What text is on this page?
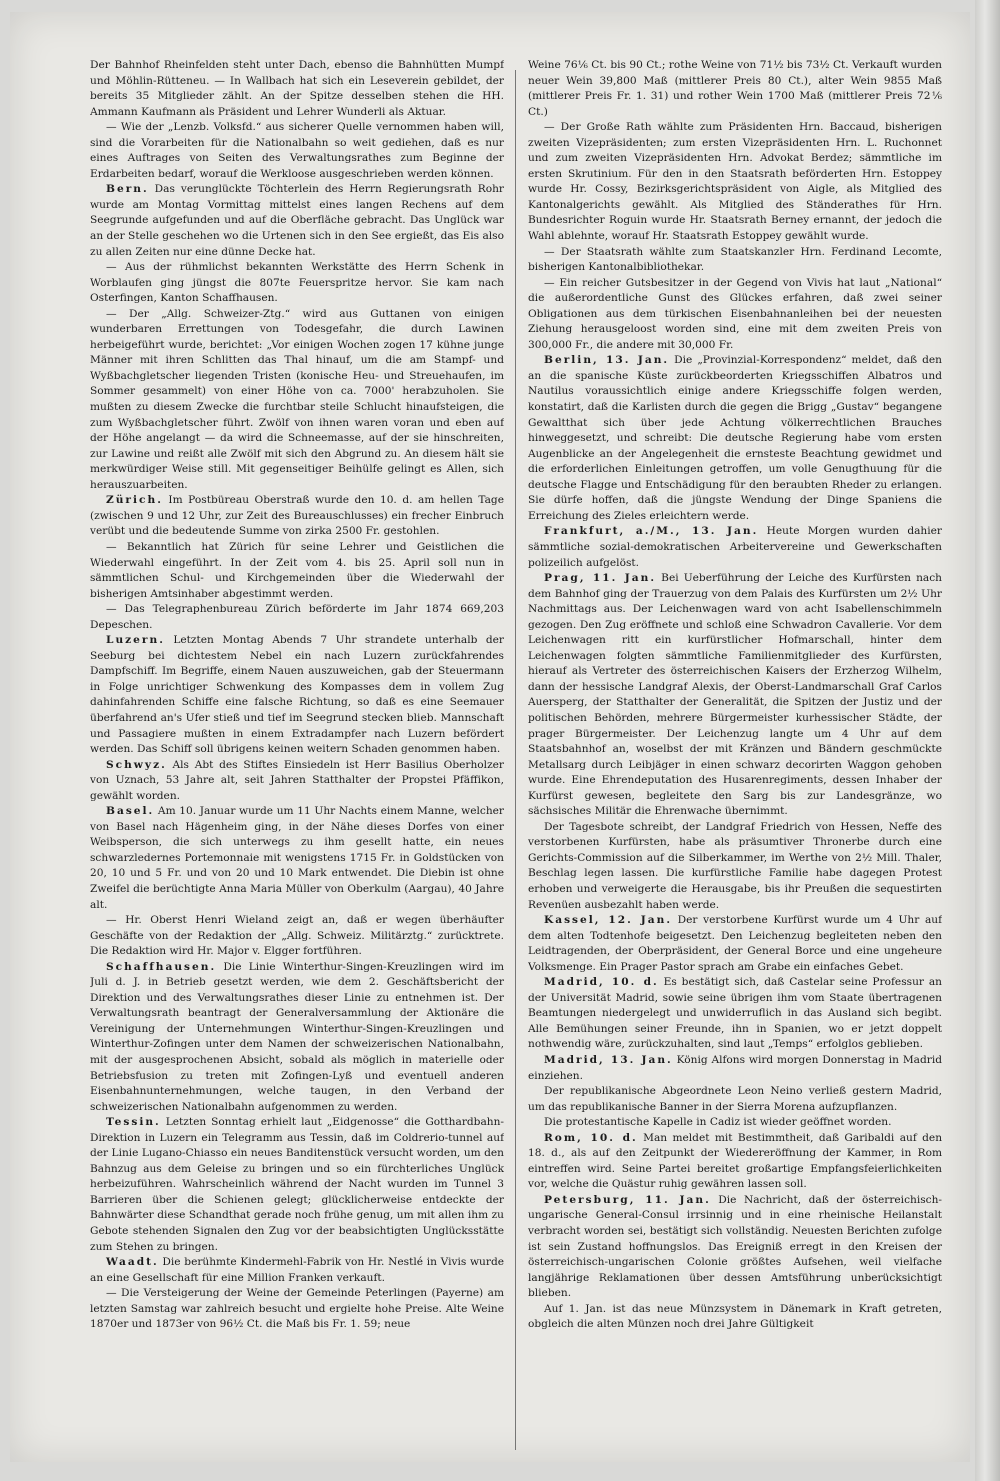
Der Bahnhof Rheinfelden steht unter Dach, ebenso die Bahnhütten Mumpf und Möhlin-Rütteneu. — In Wallbach hat sich ein Leseverein gebildet, der bereits 35 Mitglieder zählt. An der Spitze desselben stehen die HH. Ammann Kaufmann als Präsident und Lehrer Wunderli als Aktuar.

— Wie der „Lenzb. Volksfd.“ aus sicherer Quelle vernommen haben will, sind die Vorarbeiten für die Nationalbahn so weit gediehen, daß es nur eines Auftrages von Seiten des Verwaltungsrathes zum Beginne der Erdarbeiten bedarf, worauf die Werkloose ausgeschrieben werden können.

Bern. Das verunglückte Töchterlein des Herrn Regierungsrath Rohr wurde am Montag Vormittag mittelst eines langen Rechens auf dem Seegrunde aufgefunden und auf die Oberfläche gebracht. Das Unglück war an der Stelle geschehen wo die Urtenen sich in den See ergießt, das Eis also zu allen Zeiten nur eine dünne Decke hat.

— Aus der rühmlichst bekannten Werkstätte des Herrn Schenk in Worblaufen ging jüngst die 807te Feuerspritze hervor. Sie kam nach Osterfingen, Kanton Schaffhausen.

— Der „Allg. Schweizer-Ztg.“ wird aus Guttanen von einigen wunderbaren Errettungen von Todesgefahr, die durch Lawinen herbeigeführt wurde, berichtet: „Vor einigen Wochen zogen 17 kühne junge Männer mit ihren Schlitten das Thal hinauf, um die am Stampf- und Wyßbachgletscher liegenden Tristen (konische Heu- und Streuehaufen, im Sommer gesammelt) von einer Höhe von ca. 7000' herabzuholen. Sie mußten zu diesem Zwecke die furchtbar steile Schlucht hinaufsteigen, die zum Wyßbachgletscher führt. Zwölf von ihnen waren voran und eben auf der Höhe angelangt — da wird die Schneemasse, auf der sie hinschreiten, zur Lawine und reißt alle Zwölf mit sich den Abgrund zu. An diesem hält sie merkwürdiger Weise still. Mit gegenseitiger Beihülfe gelingt es Allen, sich herauszuarbeiten.

Zürich. Im Postbüreau Oberstraß wurde den 10. d. am hellen Tage (zwischen 9 und 12 Uhr, zur Zeit des Bureauschlusses) ein frecher Einbruch verübt und die bedeutende Summe von zirka 2500 Fr. gestohlen.

— Bekanntlich hat Zürich für seine Lehrer und Geistlichen die Wiederwahl eingeführt. In der Zeit vom 4. bis 25. April soll nun in sämmtlichen Schul- und Kirchgemeinden über die Wiederwahl der bisherigen Amtsinhaber abgestimmt werden.

— Das Telegraphenbureau Zürich beförderte im Jahr 1874 669,203 Depeschen.

Luzern. Letzten Montag Abends 7 Uhr strandete unterhalb der Seeburg bei dichtestem Nebel ein nach Luzern zurückfahrendes Dampfschiff. Im Begriffe, einem Nauen auszuweichen, gab der Steuermann in Folge unrichtiger Schwenkung des Kompasses dem in vollem Zug dahinfahrenden Schiffe eine falsche Richtung, so daß es eine Seemauer überfahrend an's Ufer stieß und tief im Seegrund stecken blieb. Mannschaft und Passagiere mußten in einem Extradampfer nach Luzern befördert werden. Das Schiff soll übrigens keinen weitern Schaden genommen haben.

Schwyz. Als Abt des Stiftes Einsiedeln ist Herr Basilius Oberholzer von Uznach, 53 Jahre alt, seit Jahren Statthalter der Propstei Pfäffikon, gewählt worden.

Basel. Am 10. Januar wurde um 11 Uhr Nachts einem Manne, welcher von Basel nach Hägenheim ging, in der Nähe dieses Dorfes von einer Weibsperson, die sich unterwegs zu ihm gesellt hatte, ein neues schwarzledernes Portemonnaie mit wenigstens 1715 Fr. in Goldstücken von 20, 10 und 5 Fr. und von 20 und 10 Mark entwendet. Die Diebin ist ohne Zweifel die berüchtigte Anna Maria Müller von Oberkulm (Aargau), 40 Jahre alt.

— Hr. Oberst Henri Wieland zeigt an, daß er wegen überhäufter Geschäfte von der Redaktion der „Allg. Schweiz. Militärztg.“ zurücktrete. Die Redaktion wird Hr. Major v. Elgger fortführen.

Schaffhausen. Die Linie Winterthur-Singen-Kreuzlingen wird im Juli d. J. in Betrieb gesetzt werden, wie dem 2. Geschäftsbericht der Direktion und des Verwaltungsrathes dieser Linie zu entnehmen ist. Der Verwaltungsrath beantragt der Generalversammlung der Aktionäre die Vereinigung der Unternehmungen Winterthur-Singen-Kreuzlingen und Winterthur-Zofingen unter dem Namen der schweizerischen Nationalbahn, mit der ausgesprochenen Absicht, sobald als möglich in materielle oder Betriebsfusion zu treten mit Zofingen-Lyß und eventuell anderen Eisenbahnunternehmungen, welche taugen, in den Verband der schweizerischen Nationalbahn aufgenommen zu werden.

Tessin. Letzten Sonntag erhielt laut „Eidgenosse“ die Gotthardbahn-Direktion in Luzern ein Telegramm aus Tessin, daß im Coldrerio-tunnel auf der Linie Lugano-Chiasso ein neues Banditenstück versucht worden, um den Bahnzug aus dem Geleise zu bringen und so ein fürchterliches Unglück herbeizuführen. Wahrscheinlich während der Nacht wurden im Tunnel 3 Barrieren über die Schienen gelegt; glücklicherweise entdeckte der Bahnwärter diese Schandthat gerade noch frühe genug, um mit allen ihm zu Gebote stehenden Signalen den Zug vor der beabsichtigten Unglücksstätte zum Stehen zu bringen.

Waadt. Die berühmte Kindermehl-Fabrik von Hr. Nestlé in Vivis wurde an eine Gesellschaft für eine Million Franken verkauft.

— Die Versteigerung der Weine der Gemeinde Peterlingen (Payerne) am letzten Samstag war zahlreich besucht und ergielte hohe Preise. Alte Weine 1870er und 1873er von 96½ Ct. die Maß bis Fr. 1. 59; neue

Weine 76⅙ Ct. bis 90 Ct.; rothe Weine von 71½ bis 73½ Ct. Verkauft wurden neuer Wein 39,800 Maß (mittlerer Preis 80 Ct.), alter Wein 9855 Maß (mittlerer Preis Fr. 1. 31) und rother Wein 1700 Maß (mittlerer Preis 72⅙ Ct.)

— Der Große Rath wählte zum Präsidenten Hrn. Baccaud, bisherigen zweiten Vizepräsidenten; zum ersten Vizepräsidenten Hrn. L. Ruchonnet und zum zweiten Vizepräsidenten Hrn. Advokat Berdez; sämmtliche im ersten Skrutinium. Für den in den Staatsrath beförderten Hrn. Estoppey wurde Hr. Cossy, Bezirksgerichtspräsident von Aigle, als Mitglied des Kantonalgerichts gewählt. Als Mitglied des Ständerathes für Hrn. Bundesrichter Roguin wurde Hr. Staatsrath Berney ernannt, der jedoch die Wahl ablehnte, worauf Hr. Staatsrath Estoppey gewählt wurde.

— Der Staatsrath wählte zum Staatskanzler Hrn. Ferdinand Lecomte, bisherigen Kantonalbibliothekar.

— Ein reicher Gutsbesitzer in der Gegend von Vivis hat laut „National“ die außerordentliche Gunst des Glückes erfahren, daß zwei seiner Obligationen aus dem türkischen Eisenbahnanleihen bei der neuesten Ziehung herausgeloost worden sind, eine mit dem zweiten Preis von 300,000 Fr., die andere mit 30,000 Fr.

Berlin, 13. Jan. Die „Provinzial-Korrespondenz“ meldet, daß den an die spanische Küste zurückbeorderten Kriegsschiffen Albatros und Nautilus voraussichtlich einige andere Kriegsschiffe folgen werden, konstatirt, daß die Karlisten durch die gegen die Brigg „Gustav“ begangene Gewaltthat sich über jede Achtung völkerrechtlichen Brauches hinweggesetzt, und schreibt: Die deutsche Regierung habe vom ersten Augenblicke an der Angelegenheit die ernsteste Beachtung gewidmet und die erforderlichen Einleitungen getroffen, um volle Genugthuung für die deutsche Flagge und Entschädigung für den beraubten Rheder zu erlangen. Sie dürfe hoffen, daß die jüngste Wendung der Dinge Spaniens die Erreichung des Zieles erleichtern werde.

Frankfurt, a./M., 13. Jan. Heute Morgen wurden dahier sämmtliche sozial-demokratischen Arbeitervereine und Gewerkschaften polizeilich aufgelöst.

Prag, 11. Jan. Bei Ueberführung der Leiche des Kurfürsten nach dem Bahnhof ging der Trauerzug von dem Palais des Kurfürsten um 2½ Uhr Nachmittags aus. Der Leichenwagen ward von acht Isabellenschimmeln gezogen. Den Zug eröffnete und schloß eine Schwadron Cavallerie. Vor dem Leichenwagen ritt ein kurfürstlicher Hofmarschall, hinter dem Leichenwagen folgten sämmtliche Familienmitglieder des Kurfürsten, hierauf als Vertreter des österreichischen Kaisers der Erzherzog Wilhelm, dann der hessische Landgraf Alexis, der Oberst-Landmarschall Graf Carlos Auersperg, der Statthalter der Generalität, die Spitzen der Justiz und der politischen Behörden, mehrere Bürgermeister kurhessischer Städte, der prager Bürgermeister. Der Leichenzug langte um 4 Uhr auf dem Staatsbahnhof an, woselbst der mit Kränzen und Bändern geschmückte Metallsarg durch Leibjäger in einen schwarz decorirten Waggon gehoben wurde. Eine Ehrendeputation des Husarenregiments, dessen Inhaber der Kurfürst gewesen, begleitete den Sarg bis zur Landesgränze, wo sächsisches Militär die Ehrenwache übernimmt.

Der Tagesbote schreibt, der Landgraf Friedrich von Hessen, Neffe des verstorbenen Kurfürsten, habe als präsumtiver Thronerbe durch eine Gerichts-Commission auf die Silberkammer, im Werthe von 2½ Mill. Thaler, Beschlag legen lassen. Die kurfürstliche Familie habe dagegen Protest erhoben und verweigerte die Herausgabe, bis ihr Preußen die sequestirten Revenüen ausbezahlt haben werde.

Kassel, 12. Jan. Der verstorbene Kurfürst wurde um 4 Uhr auf dem alten Todtenhofe beigesetzt. Den Leichenzug begleiteten neben den Leidtragenden, der Oberpräsident, der General Borce und eine ungeheure Volksmenge. Ein Prager Pastor sprach am Grabe ein einfaches Gebet.

Madrid, 10. d. Es bestätigt sich, daß Castelar seine Professur an der Universität Madrid, sowie seine übrigen ihm vom Staate übertragenen Beamtungen niedergelegt und unwiderruflich in das Ausland sich begibt. Alle Bemühungen seiner Freunde, ihn in Spanien, wo er jetzt doppelt nothwendig wäre, zurückzuhalten, sind laut „Temps“ erfolglos geblieben.

Madrid, 13. Jan. König Alfons wird morgen Donnerstag in Madrid einziehen.

Der republikanische Abgeordnete Leon Neino verließ gestern Madrid, um das republikanische Banner in der Sierra Morena aufzupflanzen.

Die protestantische Kapelle in Cadiz ist wieder geöffnet worden.

Rom, 10. d. Man meldet mit Bestimmtheit, daß Garibaldi auf den 18. d., als auf den Zeitpunkt der Wiedereröffnung der Kammer, in Rom eintreffen wird. Seine Partei bereitet großartige Empfangsfeierlichkeiten vor, welche die Quästur ruhig gewähren lassen soll.

Petersburg, 11. Jan. Die Nachricht, daß der österreichisch-ungarische General-Consul irrsinnig und in eine rheinische Heilanstalt verbracht worden sei, bestätigt sich vollständig. Neuesten Berichten zufolge ist sein Zustand hoffnungslos. Das Ereigniß erregt in den Kreisen der österreichisch-ungarischen Colonie größtes Aufsehen, weil vielfache langjährige Reklamationen über dessen Amtsführung unberücksichtigt blieben.

Auf 1. Jan. ist das neue Münzsystem in Dänemark in Kraft getreten, obgleich die alten Münzen noch drei Jahre Gültigkeit
